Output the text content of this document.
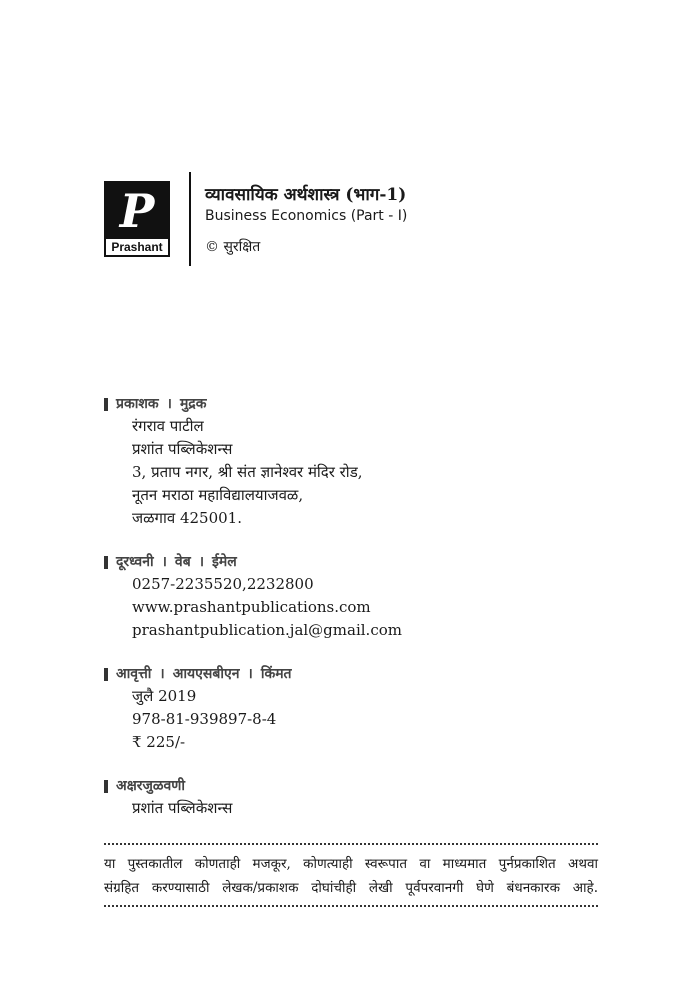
P
Prashant
व्यावसायिक अर्थशास्त्र (भाग-1)
Business Economics (Part - I)
© सुरक्षित
प्रकाशक । मुद्रक
रंगराव पाटील
प्रशांत पब्लिकेशन्स
3, प्रताप नगर, श्री संत ज्ञानेश्वर मंदिर रोड,
नूतन मराठा महाविद्यालयाजवळ,
जळगाव 425001.
दूरध्वनी । वेब । ईमेल
0257-2235520,2232800
www.prashantpublications.com
prashantpublication.jal@gmail.com
आवृत्ती । आयएसबीएन । किंमत
जुलै 2019
978-81-939897-8-4
₹ 225/-
अक्षरजुळवणी
प्रशांत पब्लिकेशन्स
या पुस्तकातील कोणताही मजकूर, कोणत्याही स्वरूपात वा माध्यमात पुर्नप्रकाशित अथवा
संग्रहित करण्यासाठी लेखक/प्रकाशक दोघांचीही लेखी पूर्वपरवानगी घेणे बंधनकारक आहे.
